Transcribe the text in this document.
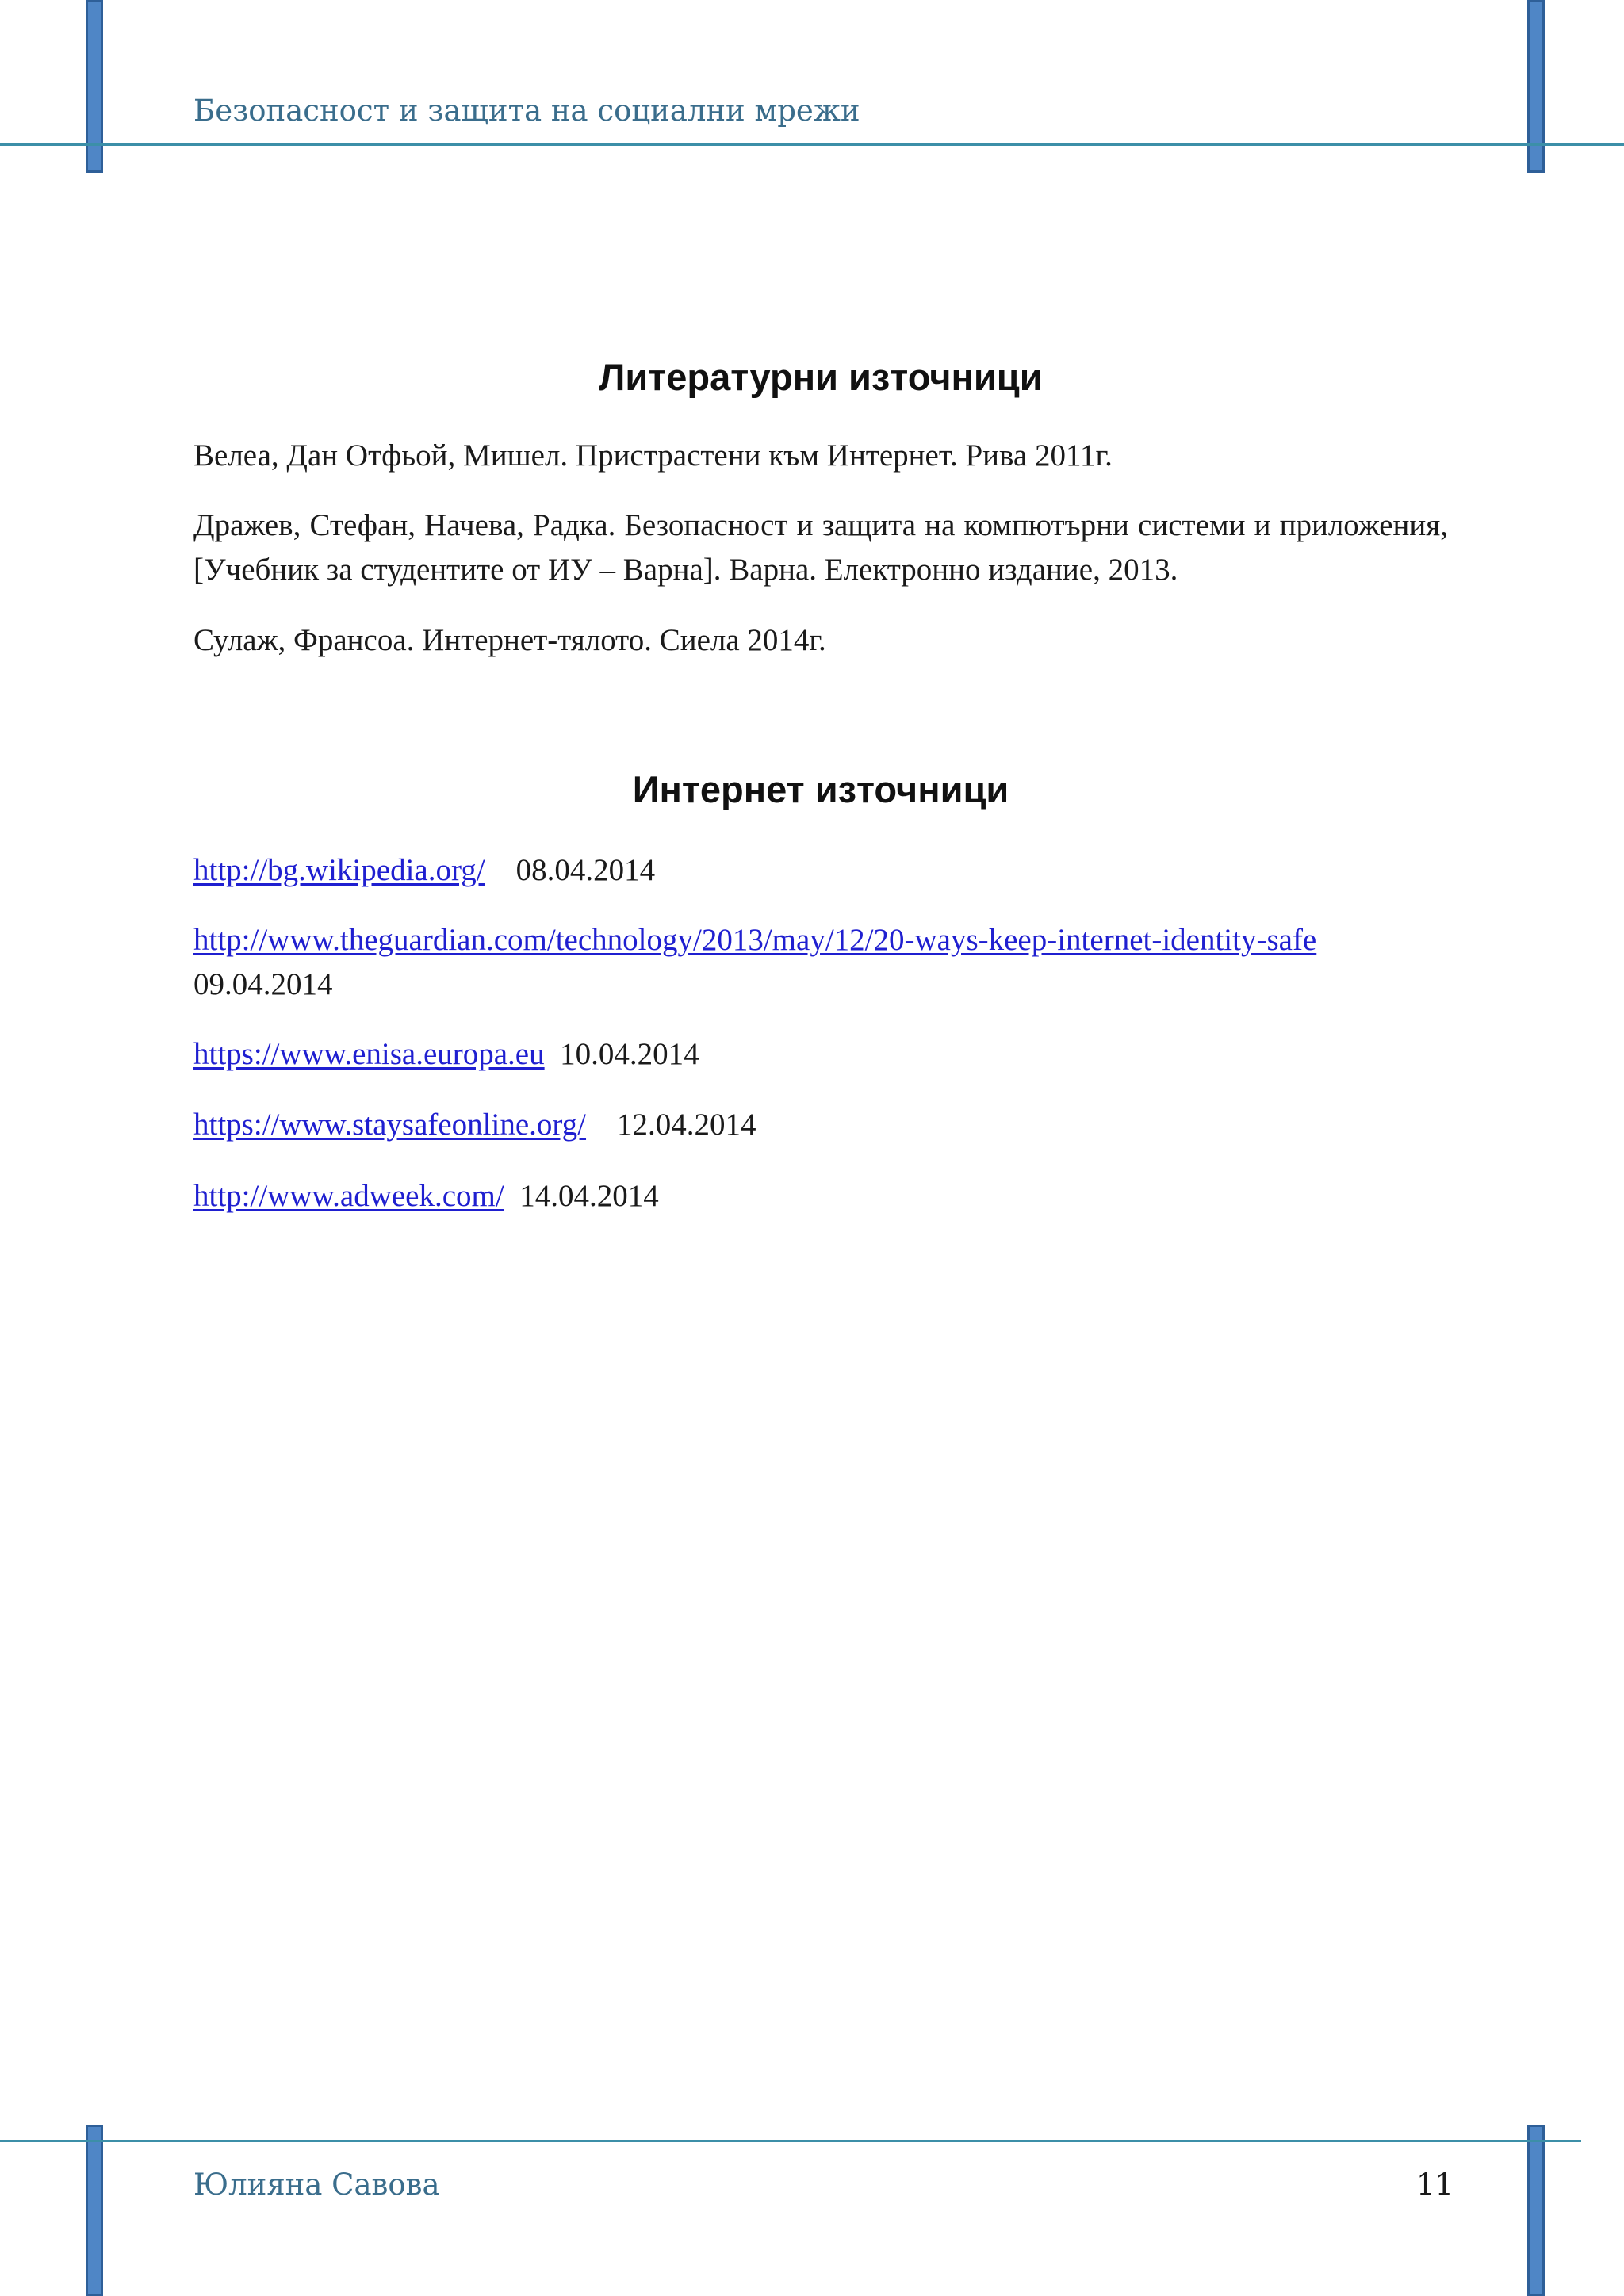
Безопасност и защита на социални мрежи
Литературни източници

Велеа, Дан Отфьой, Мишел. Пристрастени към Интернет. Рива 2011г.

Дражев, Стефан, Начева, Радка. Безопасност и защита на компютърни системи и приложения, [Учебник за студентите от ИУ – Варна]. Варна. Електронно издание, 2013.

Сулаж, Франсоа. Интернет-тялото. Сиела 2014г.

Интернет източници

http://bg.wikipedia.org/ 08.04.2014

http://www.theguardian.com/technology/2013/may/12/20-ways-keep-internet-identity-safe
09.04.2014

https://www.enisa.europa.eu 10.04.2014

https://www.staysafeonline.org/ 12.04.2014

http://www.adweek.com/ 14.04.2014

Юлияна Савова	11
